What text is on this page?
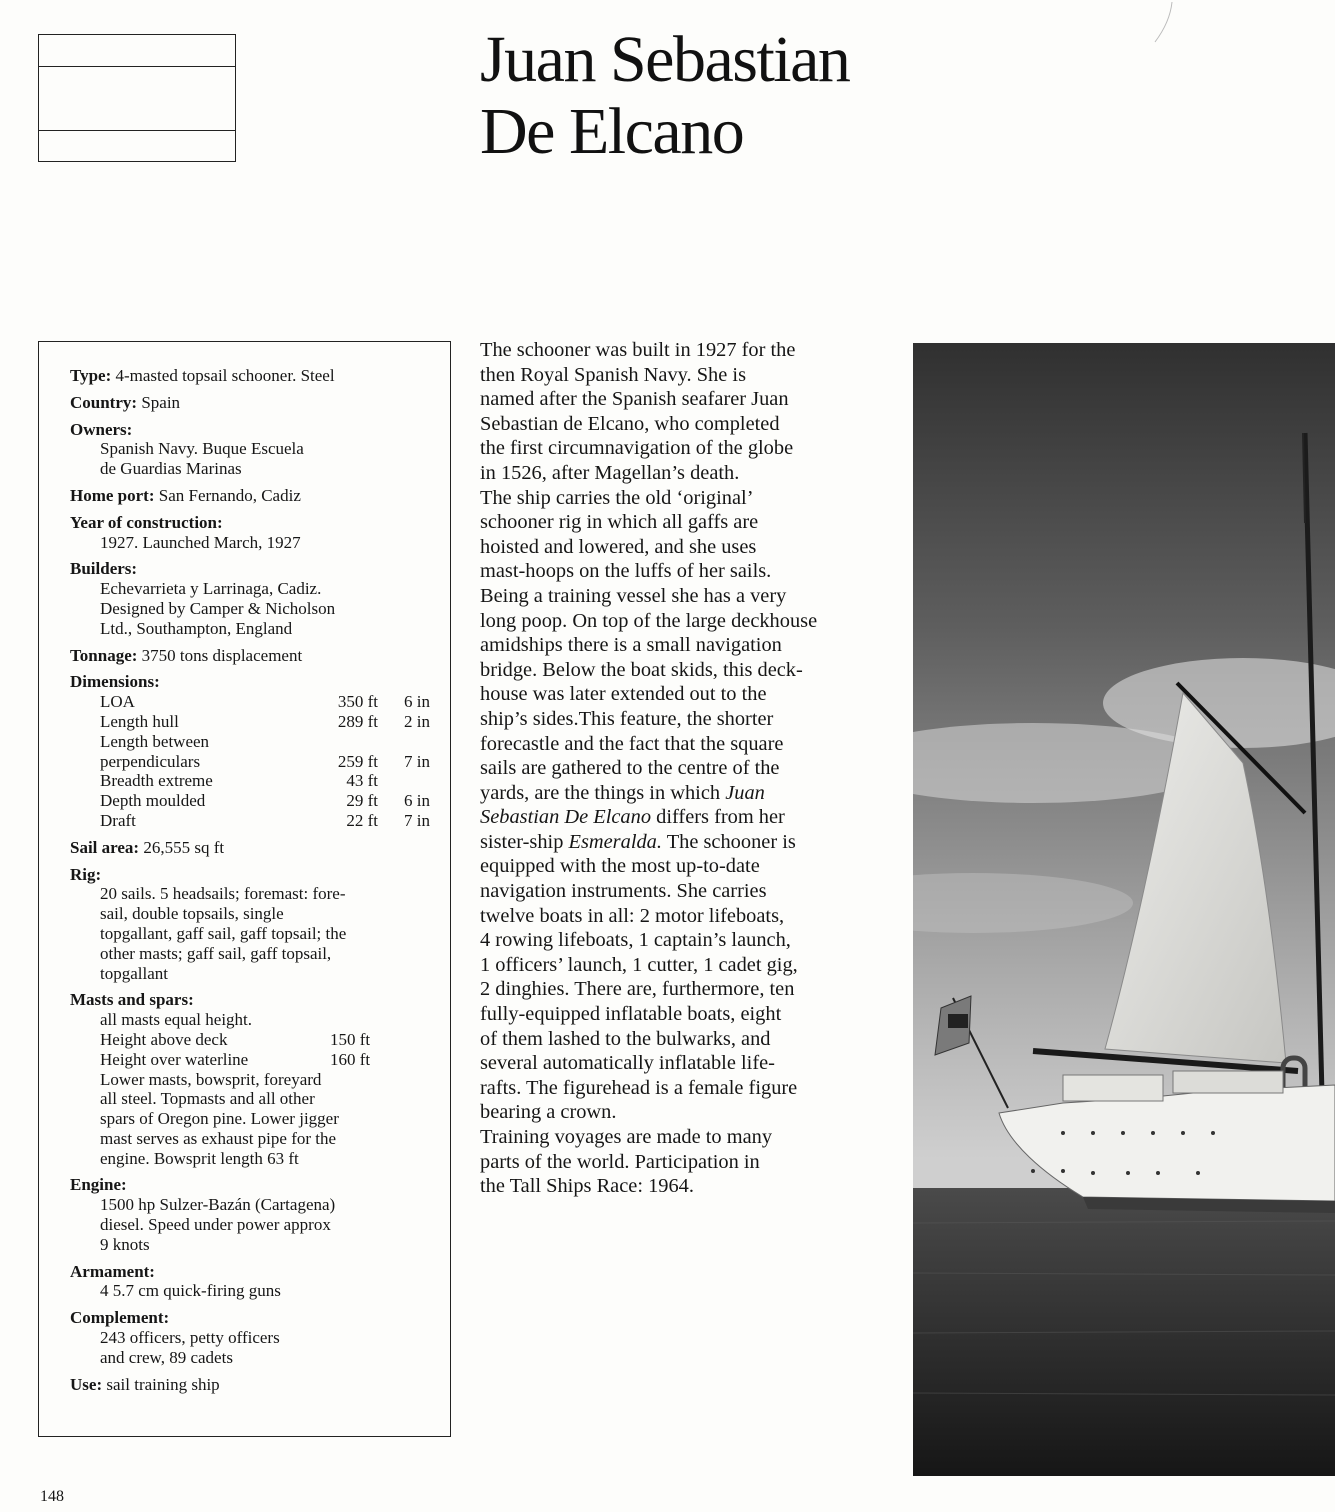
Juan Sebastian
De Elcano
Type: 4-masted topsail schooner. Steel
Country: Spain
Owners:
Spanish Navy. Buque Escuela
de Guardias Marinas
Home port: San Fernando, Cadiz
Year of construction:
1927. Launched March, 1927
Builders:
Echevarrieta y Larrinaga, Cadiz.
Designed by Camper & Nicholson
Ltd., Southampton, England
Tonnage: 3750 tons displacement
Dimensions:
LOA	350 ft	6 in
Length hull	289 ft	2 in
Length between
perpendiculars	259 ft	7 in
Breadth extreme	43 ft
Depth moulded	29 ft	6 in
Draft	22 ft	7 in
Sail area: 26,555 sq ft
Rig:
20 sails. 5 headsails; foremast: fore-
sail, double topsails, single
topgallant, gaff sail, gaff topsail; the
other masts; gaff sail, gaff topsail,
topgallant
Masts and spars:
all masts equal height.
Height above deck	150 ft
Height over waterline	160 ft
Lower masts, bowsprit, foreyard
all steel. Topmasts and all other
spars of Oregon pine. Lower jigger
mast serves as exhaust pipe for the
engine. Bowsprit length 63 ft
Engine:
1500 hp Sulzer-Bazán (Cartagena)
diesel. Speed under power approx
9 knots
Armament:
4 5.7 cm quick-firing guns
Complement:
243 officers, petty officers
and crew, 89 cadets
Use: sail training ship

The schooner was built in 1927 for the
then Royal Spanish Navy. She is
named after the Spanish seafarer Juan
Sebastian de Elcano, who completed
the first circumnavigation of the globe
in 1526, after Magellan’s death.
The ship carries the old ‘original’
schooner rig in which all gaffs are
hoisted and lowered, and she uses
mast-hoops on the luffs of her sails.
Being a training vessel she has a very
long poop. On top of the large deckhouse
amidships there is a small navigation
bridge. Below the boat skids, this deck-
house was later extended out to the
ship’s sides.This feature, the shorter
forecastle and the fact that the square
sails are gathered to the centre of the
yards, are the things in which Juan
Sebastian De Elcano differs from her
sister-ship Esmeralda. The schooner is
equipped with the most up-to-date
navigation instruments. She carries
twelve boats in all: 2 motor lifeboats,
4 rowing lifeboats, 1 captain’s launch,
1 officers’ launch, 1 cutter, 1 cadet gig,
2 dinghies. There are, furthermore, ten
fully-equipped inflatable boats, eight
of them lashed to the bulwarks, and
several automatically inflatable life-
rafts. The figurehead is a female figure
bearing a crown.
Training voyages are made to many
parts of the world. Participation in
the Tall Ships Race: 1964.

148
